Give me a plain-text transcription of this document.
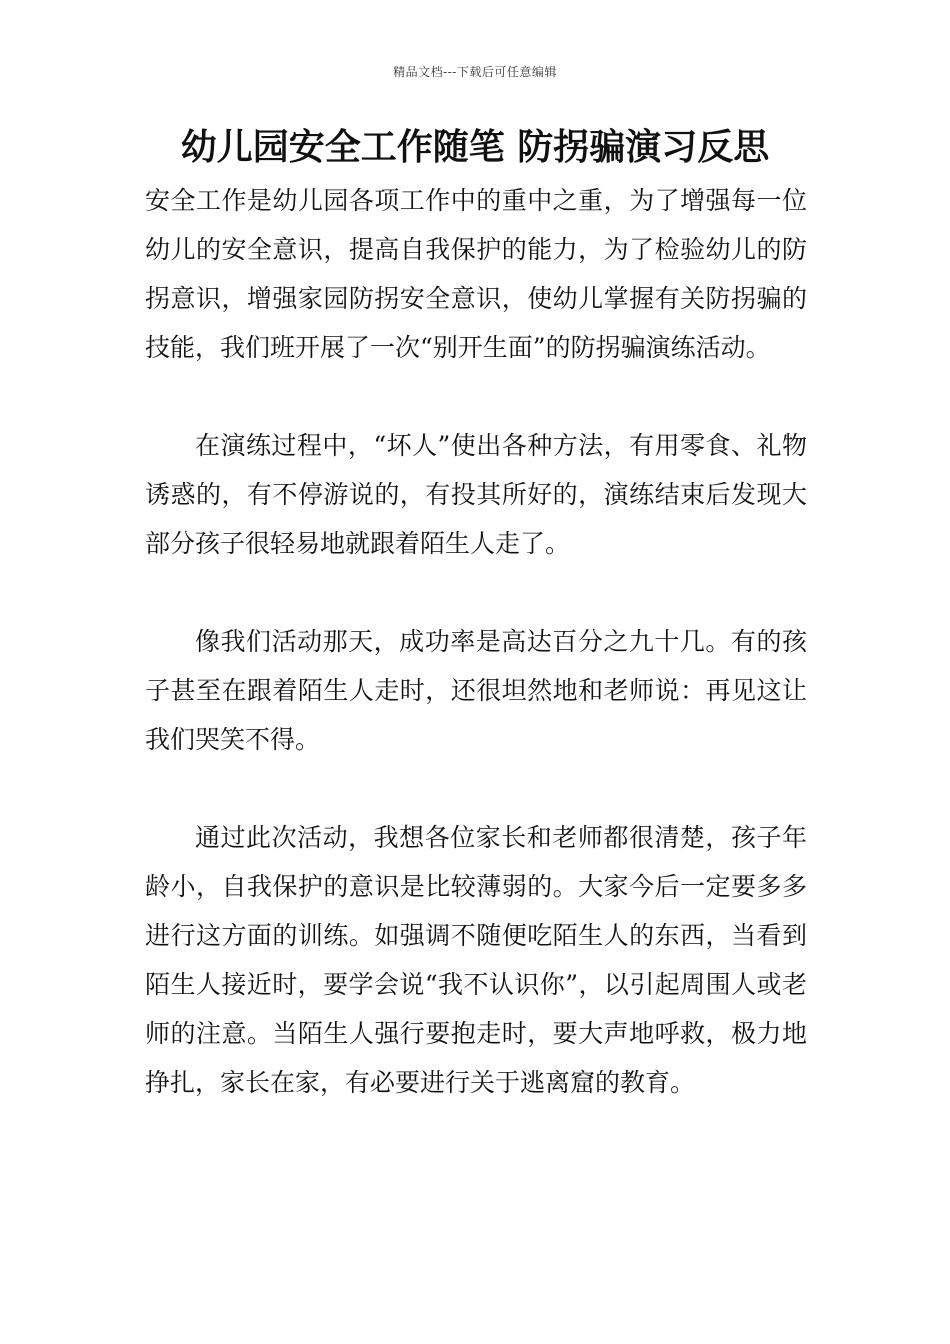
精品文档---下载后可任意编辑
幼儿园安全工作随笔 防拐骗演习反思

安全工作是幼儿园各项工作中的重中之重，为了增强每一位幼儿的安全意识，提高自我保护的能力，为了检验幼儿的防拐意识，增强家园防拐安全意识，使幼儿掌握有关防拐骗的技能，我们班开展了一次“别开生面”的防拐骗演练活动。

在演练过程中，“坏人”使出各种方法，有用零食、礼物诱惑的，有不停游说的，有投其所好的，演练结束后发现大部分孩子很轻易地就跟着陌生人走了。

像我们活动那天，成功率是高达百分之九十几。有的孩子甚至在跟着陌生人走时，还很坦然地和老师说：再见这让我们哭笑不得。

通过此次活动，我想各位家长和老师都很清楚，孩子年龄小，自我保护的意识是比较薄弱的。大家今后一定要多多进行这方面的训练。如强调不随便吃陌生人的东西，当看到陌生人接近时，要学会说“我不认识你”，以引起周围人或老师的注意。当陌生人强行要抱走时，要大声地呼救，极力地挣扎，家长在家，有必要进行关于逃离窟的教育。
